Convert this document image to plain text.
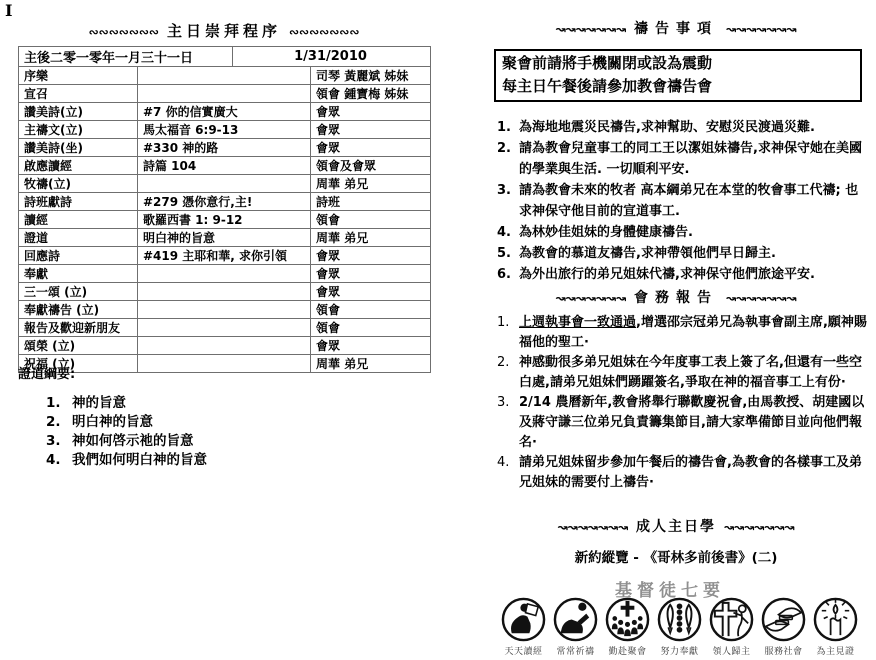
I
∾∾∾∾∾∾∾ 主日崇拜程序 ∾∾∾∾∾∾∾
主後二零一零年一月三十一日		1/31/2010	
序樂			司琴 黃麗斌 姊妹
宣召			領會 鍾寶梅 姊妹
讚美詩(立)	#7 你的信實廣大		會眾
主禱文(立)	馬太福音 6:9-13		會眾
讚美詩(坐)	#330 神的路		會眾
啟應讀經	詩篇 104		領會及會眾
牧禱(立)			周華 弟兄
詩班獻詩	#279 憑你意行,主!		詩班
讀經	歌羅西書 1: 9-12		領會
證道	明白神的旨意		周華 弟兄
回應詩	#419 主耶和華, 求你引領		會眾
奉獻			會眾
三一頌 (立)			會眾
奉獻禱告 (立)			領會
報告及歡迎新朋友			領會
頌榮 (立)			會眾
祝福 (立)			周華 弟兄
證道綱要:
1. 神的旨意
2. 明白神的旨意
3. 神如何啓示祂的旨意
4. 我們如何明白神的旨意
↝↝↝↝↝↝↝ 禱告事項 ↝↝↝↝↝↝↝
聚會前請將手機關閉或設為震動
每主日午餐後請參加教會禱告會
1. 為海地地震災民禱告,求神幫助、安慰災民渡過災難.
2. 請為教會兒童事工的同工王以潔姐妹禱告,求神保守她在美國的學業與生活. 一切順利平安.
3. 請為教會未來的牧者 高本綱弟兄在本堂的牧會事工代禱; 也求神保守他目前的宣道事工.
4. 為林妙佳姐妹的身體健康禱告.
5. 為教會的慕道友禱告,求神帶領他們早日歸主.
6. 為外出旅行的弟兄姐妹代禱,求神保守他們旅途平安.
↝↝↝↝↝↝↝ 會務報告 ↝↝↝↝↝↝↝
1. 上週執事會一致通過,增選邵宗冠弟兄為執事會副主席,願神賜福他的聖工·
2. 神感動很多弟兄姐妹在今年度事工表上簽了名,但還有一些空白處,請弟兄姐妹們踴躍簽名,爭取在神的福音事工上有份·
3. 2/14 農曆新年,教會將舉行聯歡慶祝會,由馬教授、胡建國以及蔣守謙三位弟兄負責籌集節目,請大家準備節目並向他們報名·
4. 請弟兄姐妹留步參加午餐后的禱告會,為教會的各樣事工及弟兄姐妹的需要付上禱告·
↝↝↝↝↝↝↝ 成人主日學 ↝↝↝↝↝↝↝
新約縱覽 - 《哥林多前後書》(二)
基督徒七要
天天讀經 常常祈禱 勤赴聚會 努力奉獻 領人歸主 服務社會 為主見證
